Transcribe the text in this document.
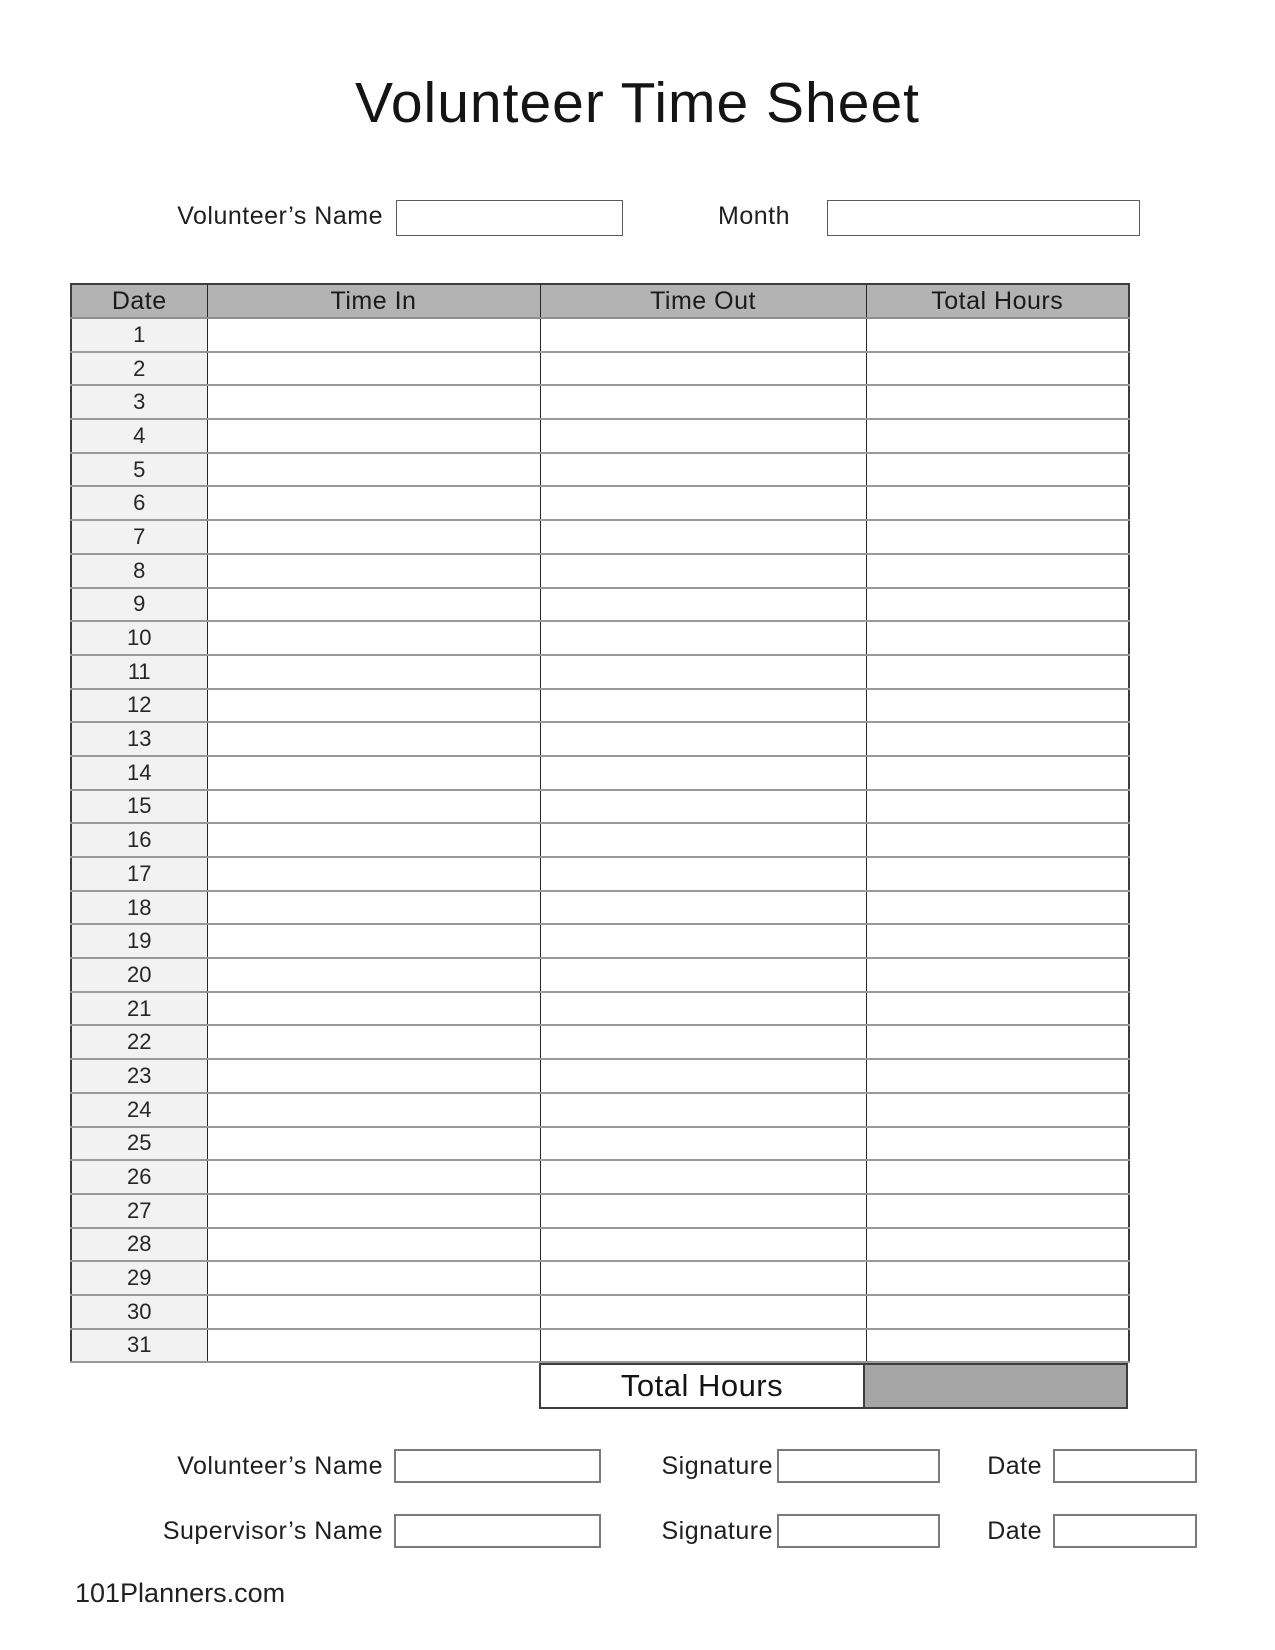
Volunteer Time Sheet
Volunteer’s Name	Month
Date	Time In	Time Out	Total Hours
1			
2			
3			
4			
5			
6			
7			
8			
9			
10			
11			
12			
13			
14			
15			
16			
17			
18			
19			
20			
21			
22			
23			
24			
25			
26			
27			
28			
29			
30			
31			
Total Hours
Volunteer’s Name	Signature	Date
Supervisor’s Name	Signature	Date
101Planners.com
